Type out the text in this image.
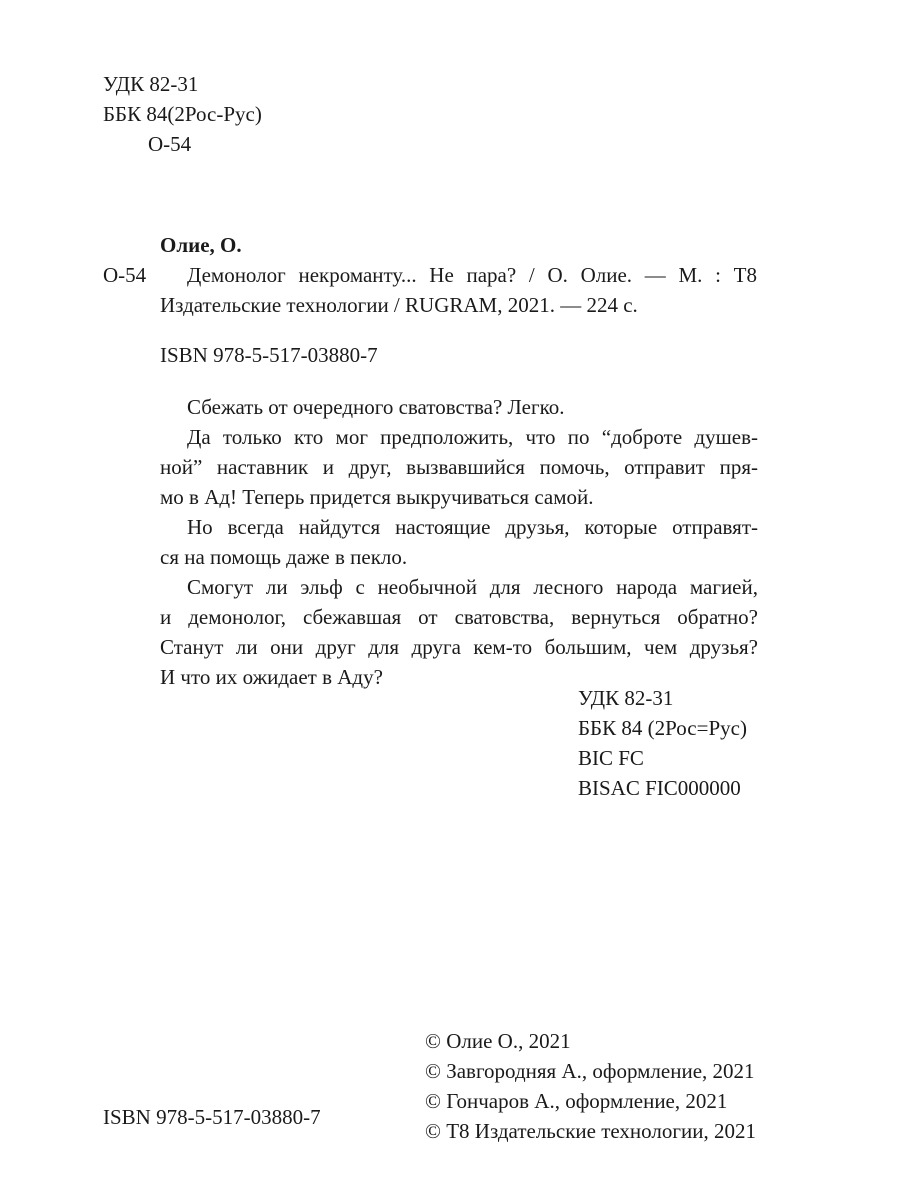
УДК 82-31
ББК 84(2Рос-Рус)
О-54
Олие, О.
О-54 Демонолог некроманту... Не пара? / О. Олие. — М. : Т8
Издательские технологии / RUGRAM, 2021. — 224 с.
ISBN 978-5-517-03880-7
Сбежать от очередного сватовства? Легко.
Да только кто мог предположить, что по “доброте душев-
ной” наставник и друг, вызвавшийся помочь, отправит пря-
мо в Ад! Теперь придется выкручиваться самой.
Но всегда найдутся настоящие друзья, которые отправят-
ся на помощь даже в пекло.
Смогут ли эльф с необычной для лесного народа магией,
и демонолог, сбежавшая от сватовства, вернуться обратно?
Станут ли они друг для друга кем-то большим, чем друзья?
И что их ожидает в Аду?
УДК 82-31
ББК 84 (2Рос=Рус)
BIC FC
BISAC FIC000000
© Олие О., 2021
© Завгородняя А., оформление, 2021
© Гончаров А., оформление, 2021
© Т8 Издательские технологии, 2021
ISBN 978-5-517-03880-7
